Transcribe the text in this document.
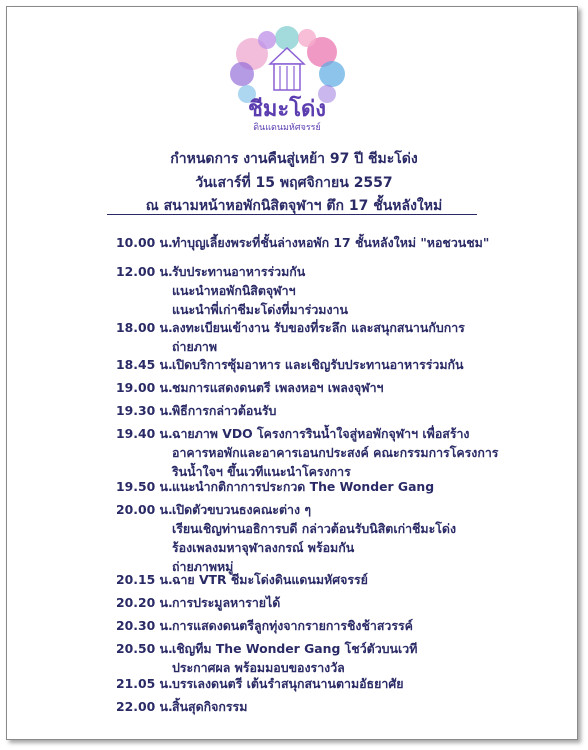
ชีมะโด่ง
ดินแดนมหัศจรรย์
กำหนดการ งานคืนสู่เหย้า 97 ปี ชีมะโด่ง
วันเสาร์ที่ 15 พฤศจิกายน 2557
ณ สนามหน้าหอพักนิสิตจุฬาฯ ตึก 17 ชั้นหลังใหม่
10.00 น. ทำบุญเลี้ยงพระที่ชั้นล่างหอพัก 17 ชั้นหลังใหม่ "หอชวนชม"
12.00 น. รับประทานอาหารร่วมกัน
แนะนำหอพักนิสิตจุฬาฯ
แนะนำพี่เก่าชีมะโด่งที่มาร่วมงาน
18.00 น. ลงทะเบียนเข้างาน รับของที่ระลึก และสนุกสนานกับการ
ถ่ายภาพ
18.45 น. เปิดบริการซุ้มอาหาร และเชิญรับประทานอาหารร่วมกัน
19.00 น. ชมการแสดงดนตรี เพลงหอฯ เพลงจุฬาฯ
19.30 น. พิธีการกล่าวต้อนรับ
19.40 น. ฉายภาพ VDO โครงการรินน้ำใจสู่หอพักจุฬาฯ เพื่อสร้าง
อาคารหอพักและอาคารเอนกประสงค์ คณะกรรมการโครงการ
รินน้ำใจฯ ขึ้นเวทีแนะนำโครงการ
19.50 น. แนะนำกติกาการประกวด The Wonder Gang
20.00 น. เปิดตัวขบวนธงคณะต่าง ๆ
เรียนเชิญท่านอธิการบดี กล่าวต้อนรับนิสิตเก่าชีมะโด่ง
ร้องเพลงมหาจุฬาลงกรณ์ พร้อมกัน
ถ่ายภาพหมู่
20.15 น. ฉาย VTR ชีมะโด่งดินแดนมหัศจรรย์
20.20 น. การประมูลหารายได้
20.30 น. การแสดงดนตรีลูกทุ่งจากรายการชิงช้าสวรรค์
20.50 น. เชิญทีม The Wonder Gang โชว์ตัวบนเวที
ประกาศผล พร้อมมอบของรางวัล
21.05 น. บรรเลงดนตรี เต้นรำสนุกสนานตามอัธยาศัย
22.00 น. สิ้นสุดกิจกรรม
